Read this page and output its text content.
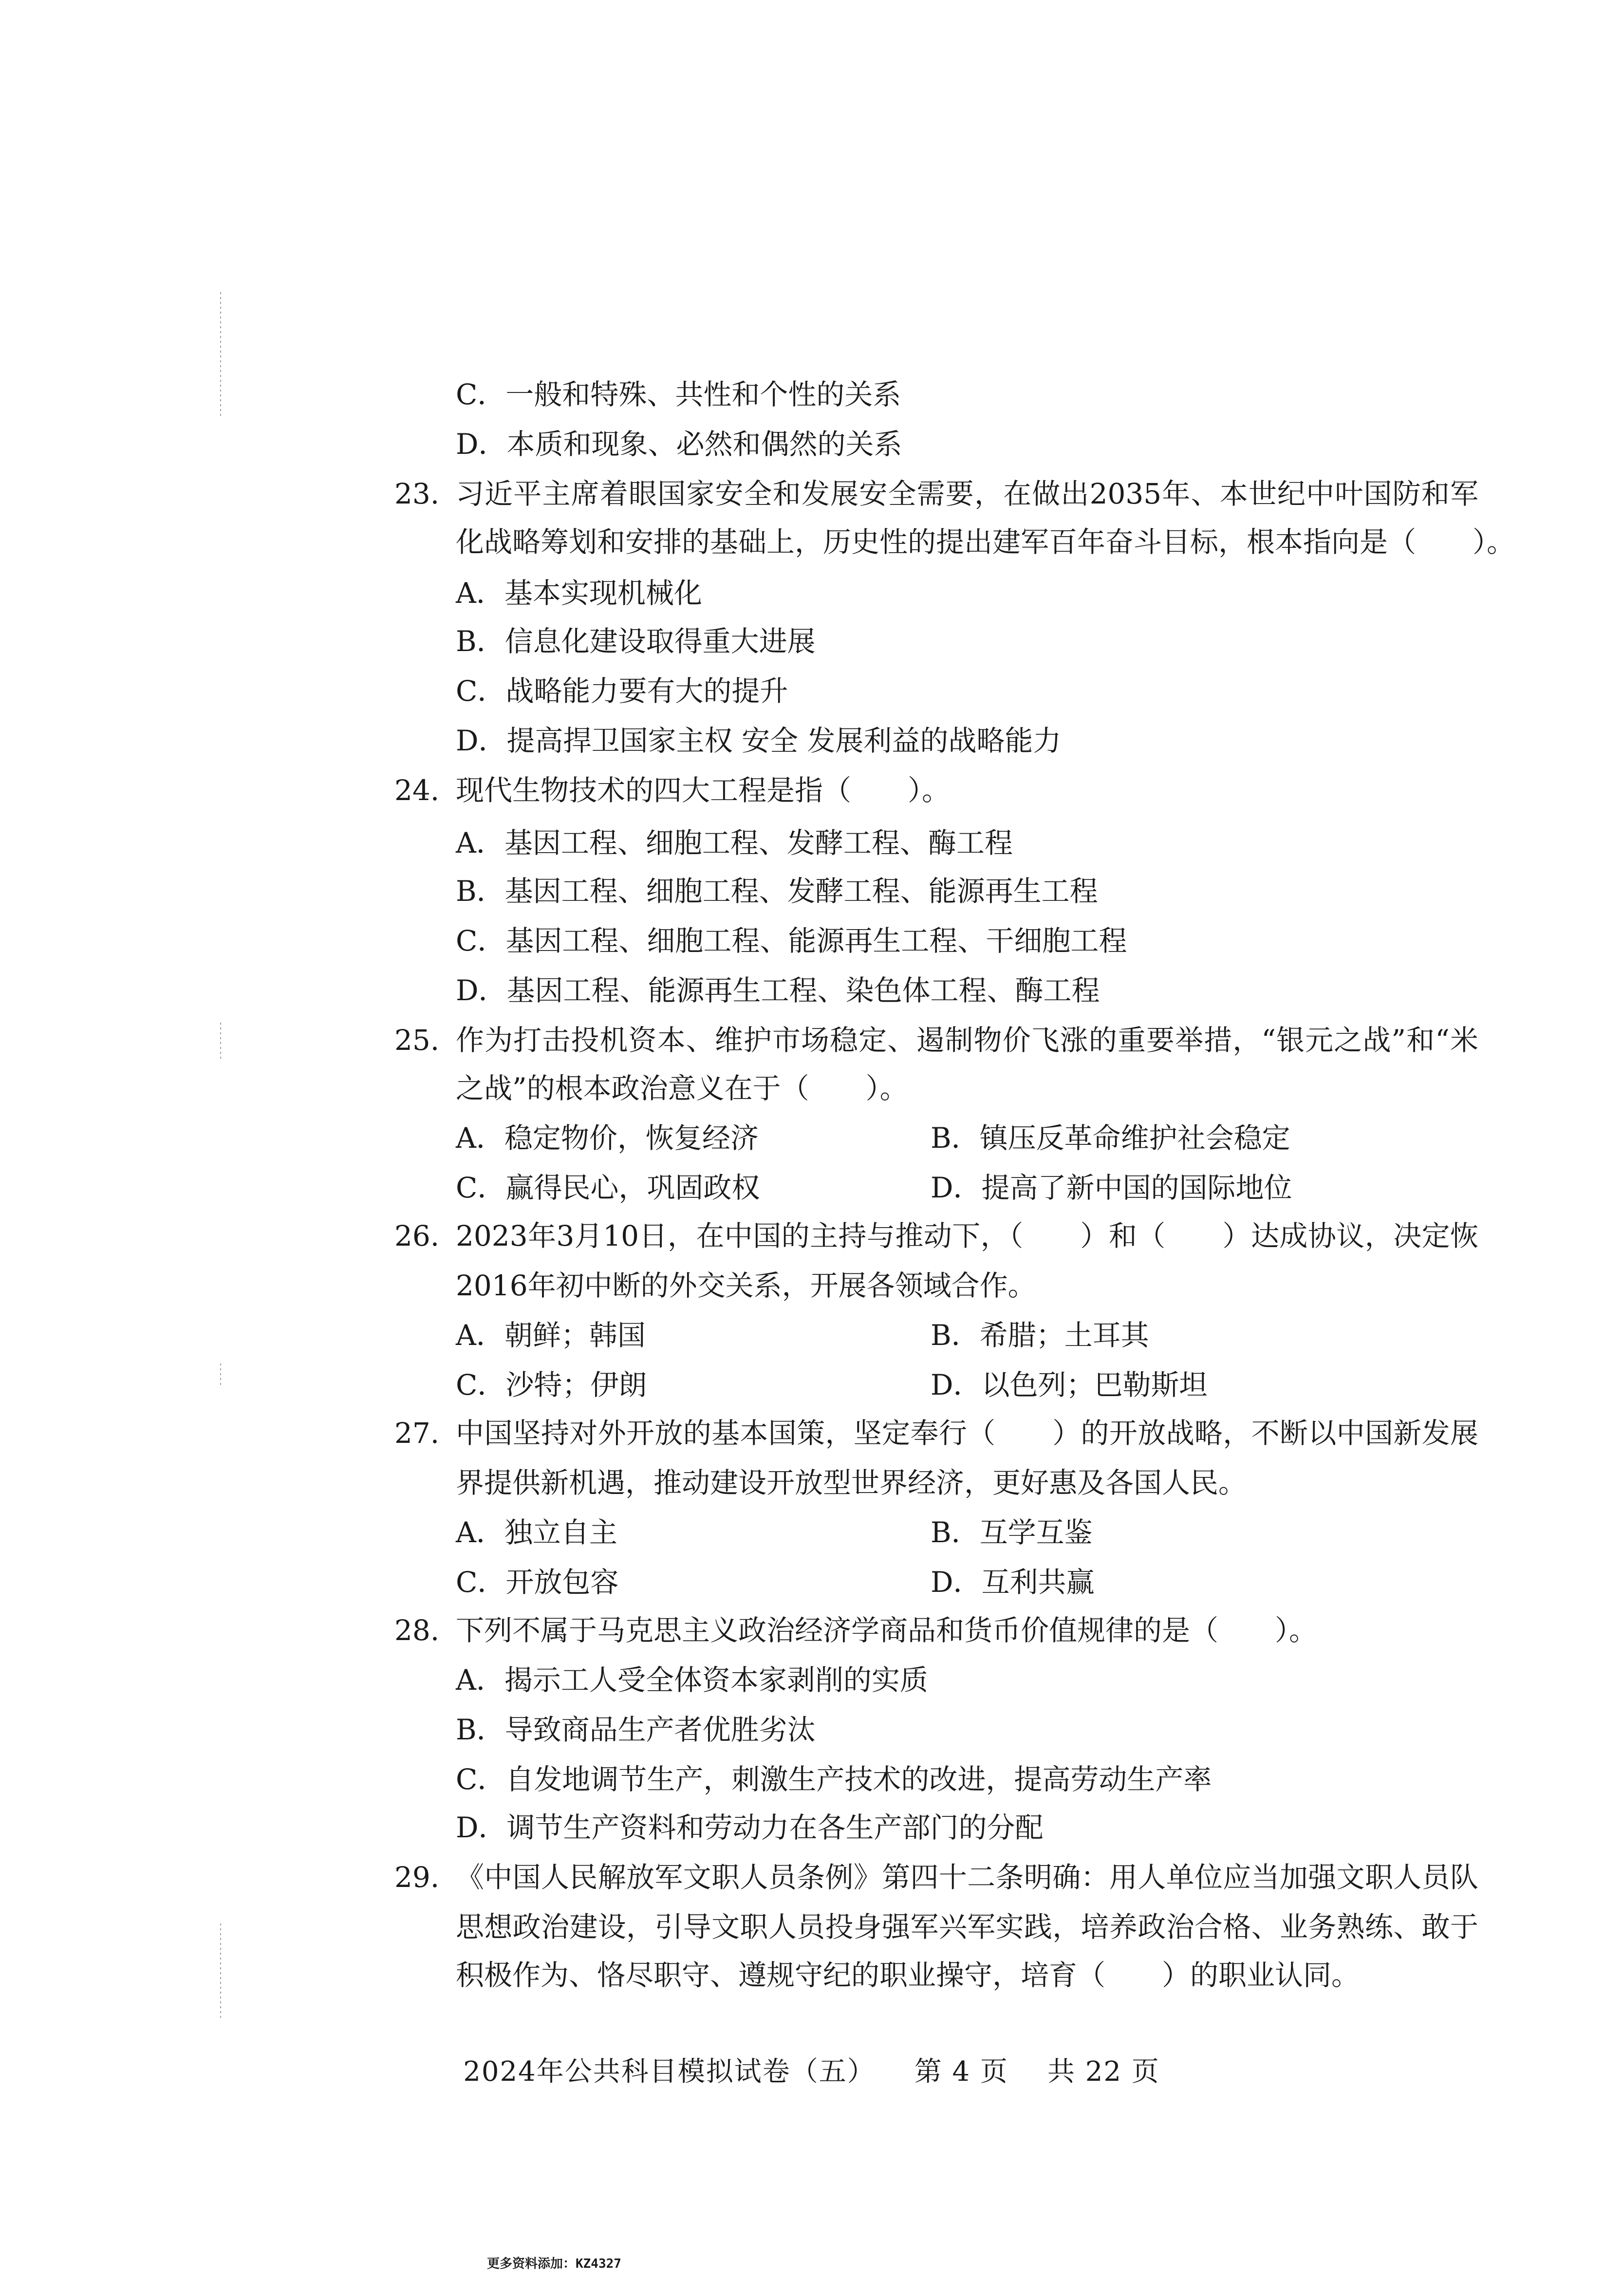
C．一般和特殊、共性和个性的关系
D．本质和现象、必然和偶然的关系
23. 习近平主席着眼国家安全和发展安全需要，在做出2035年、本世纪中叶国防和军
化战略筹划和安排的基础上，历史性的提出建军百年奋斗目标，根本指向是（　　）。
A．基本实现机械化
B．信息化建设取得重大进展
C．战略能力要有大的提升
D．提高捍卫国家主权 安全 发展利益的战略能力
24. 现代生物技术的四大工程是指（　　）。
A．基因工程、细胞工程、发酵工程、酶工程
B．基因工程、细胞工程、发酵工程、能源再生工程
C．基因工程、细胞工程、能源再生工程、干细胞工程
D．基因工程、能源再生工程、染色体工程、酶工程
25. 作为打击投机资本、维护市场稳定、遏制物价飞涨的重要举措，“银元之战”和“米
之战”的根本政治意义在于（　　）。
A．稳定物价，恢复经济	B．镇压反革命维护社会稳定
C．赢得民心，巩固政权	D．提高了新中国的国际地位
26. 2023年3月10日，在中国的主持与推动下，（　　）和（　　）达成协议，决定恢
2016年初中断的外交关系，开展各领域合作。
A．朝鲜；韩国	B．希腊；土耳其
C．沙特；伊朗	D．以色列；巴勒斯坦
27. 中国坚持对外开放的基本国策，坚定奉行（　　）的开放战略，不断以中国新发展
界提供新机遇，推动建设开放型世界经济，更好惠及各国人民。
A．独立自主	B．互学互鉴
C．开放包容	D．互利共赢
28. 下列不属于马克思主义政治经济学商品和货币价值规律的是（　　）。
A．揭示工人受全体资本家剥削的实质
B．导致商品生产者优胜劣汰
C．自发地调节生产，刺激生产技术的改进，提高劳动生产率
D．调节生产资料和劳动力在各生产部门的分配
29. 《中国人民解放军文职人员条例》第四十二条明确：用人单位应当加强文职人员队
思想政治建设，引导文职人员投身强军兴军实践，培养政治合格、业务熟练、敢于
积极作为、恪尽职守、遵规守纪的职业操守，培育（　　）的职业认同。
2024年公共科目模拟试卷（五） 第 4 页 共 22 页
更多资料添加：KZ4327
